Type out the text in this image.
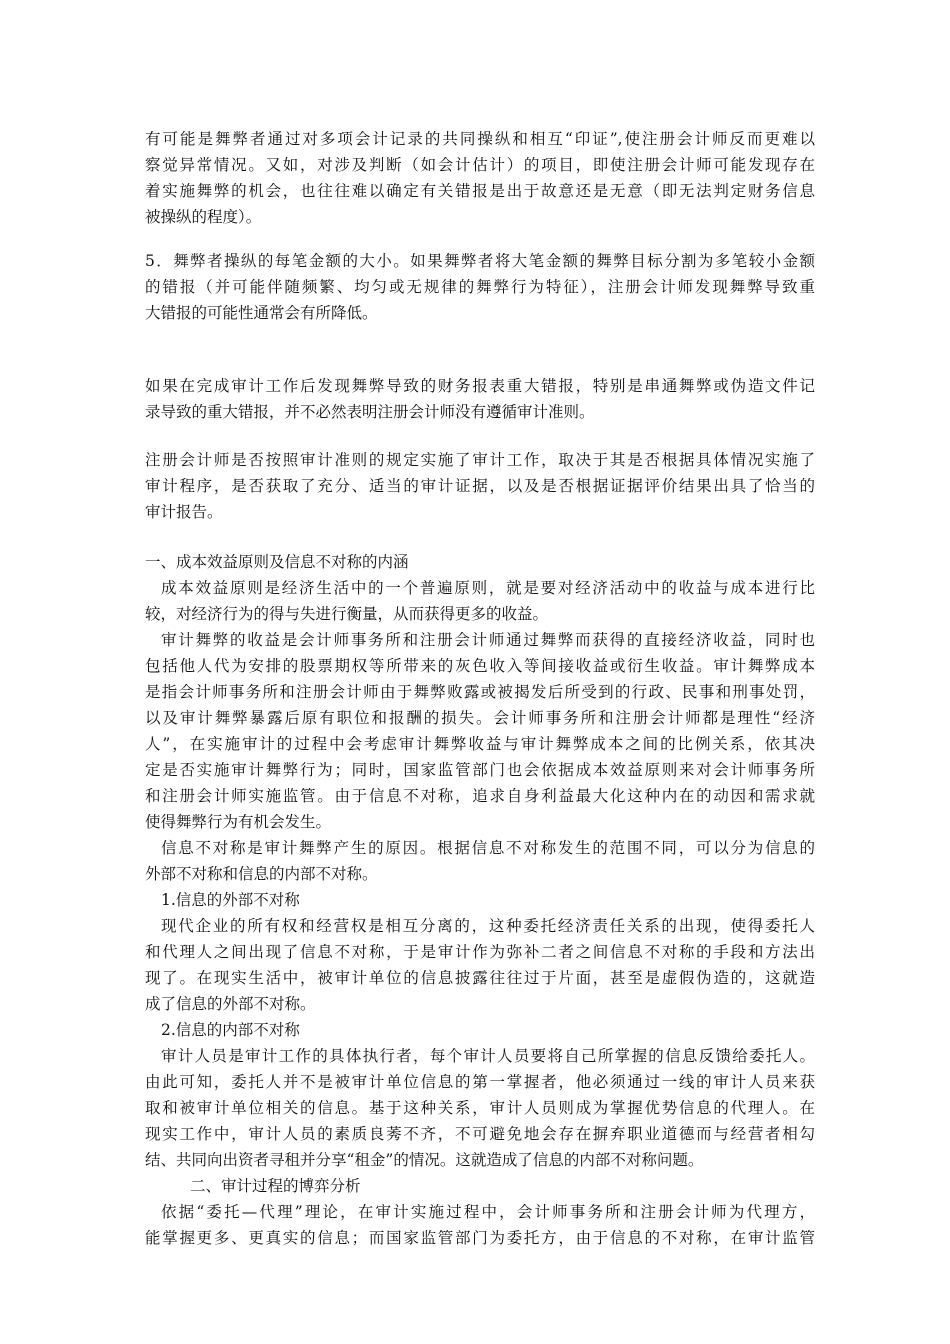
有可能是舞弊者通过对多项会计记录的共同操纵和相互“印证”,使注册会计师反而更难以
察觉异常情况。又如，对涉及判断（如会计估计）的项目，即使注册会计师可能发现存在
着实施舞弊的机会，也往往难以确定有关错报是出于故意还是无意（即无法判定财务信息
被操纵的程度）。
5．舞弊者操纵的每笔金额的大小。如果舞弊者将大笔金额的舞弊目标分割为多笔较小金额
的错报（并可能伴随频繁、均匀或无规律的舞弊行为特征），注册会计师发现舞弊导致重
大错报的可能性通常会有所降低。
如果在完成审计工作后发现舞弊导致的财务报表重大错报，特别是串通舞弊或伪造文件记
录导致的重大错报，并不必然表明注册会计师没有遵循审计准则。
注册会计师是否按照审计准则的规定实施了审计工作，取决于其是否根据具体情况实施了
审计程序，是否获取了充分、适当的审计证据，以及是否根据证据评价结果出具了恰当的
审计报告。
一、成本效益原则及信息不对称的内涵
成本效益原则是经济生活中的一个普遍原则，就是要对经济活动中的收益与成本进行比
较，对经济行为的得与失进行衡量，从而获得更多的收益。
审计舞弊的收益是会计师事务所和注册会计师通过舞弊而获得的直接经济收益，同时也
包括他人代为安排的股票期权等所带来的灰色收入等间接收益或衍生收益。审计舞弊成本
是指会计师事务所和注册会计师由于舞弊败露或被揭发后所受到的行政、民事和刑事处罚，
以及审计舞弊暴露后原有职位和报酬的损失。会计师事务所和注册会计师都是理性“经济
人”，在实施审计的过程中会考虑审计舞弊收益与审计舞弊成本之间的比例关系，依其决
定是否实施审计舞弊行为；同时，国家监管部门也会依据成本效益原则来对会计师事务所
和注册会计师实施监管。由于信息不对称，追求自身利益最大化这种内在的动因和需求就
使得舞弊行为有机会发生。
信息不对称是审计舞弊产生的原因。根据信息不对称发生的范围不同，可以分为信息的
外部不对称和信息的内部不对称。
1.信息的外部不对称
现代企业的所有权和经营权是相互分离的，这种委托经济责任关系的出现，使得委托人
和代理人之间出现了信息不对称，于是审计作为弥补二者之间信息不对称的手段和方法出
现了。在现实生活中，被审计单位的信息披露往往过于片面，甚至是虚假伪造的，这就造
成了信息的外部不对称。
2.信息的内部不对称
审计人员是审计工作的具体执行者，每个审计人员要将自己所掌握的信息反馈给委托人。
由此可知，委托人并不是被审计单位信息的第一掌握者，他必须通过一线的审计人员来获
取和被审计单位相关的信息。基于这种关系，审计人员则成为掌握优势信息的代理人。在
现实工作中，审计人员的素质良莠不齐，不可避免地会存在摒弃职业道德而与经营者相勾
结、共同向出资者寻租并分享“租金”的情况。这就造成了信息的内部不对称问题。
二、审计过程的博弈分析
依据“委托—代理”理论，在审计实施过程中，会计师事务所和注册会计师为代理方，
能掌握更多、更真实的信息；而国家监管部门为委托方，由于信息的不对称，在审计监管
